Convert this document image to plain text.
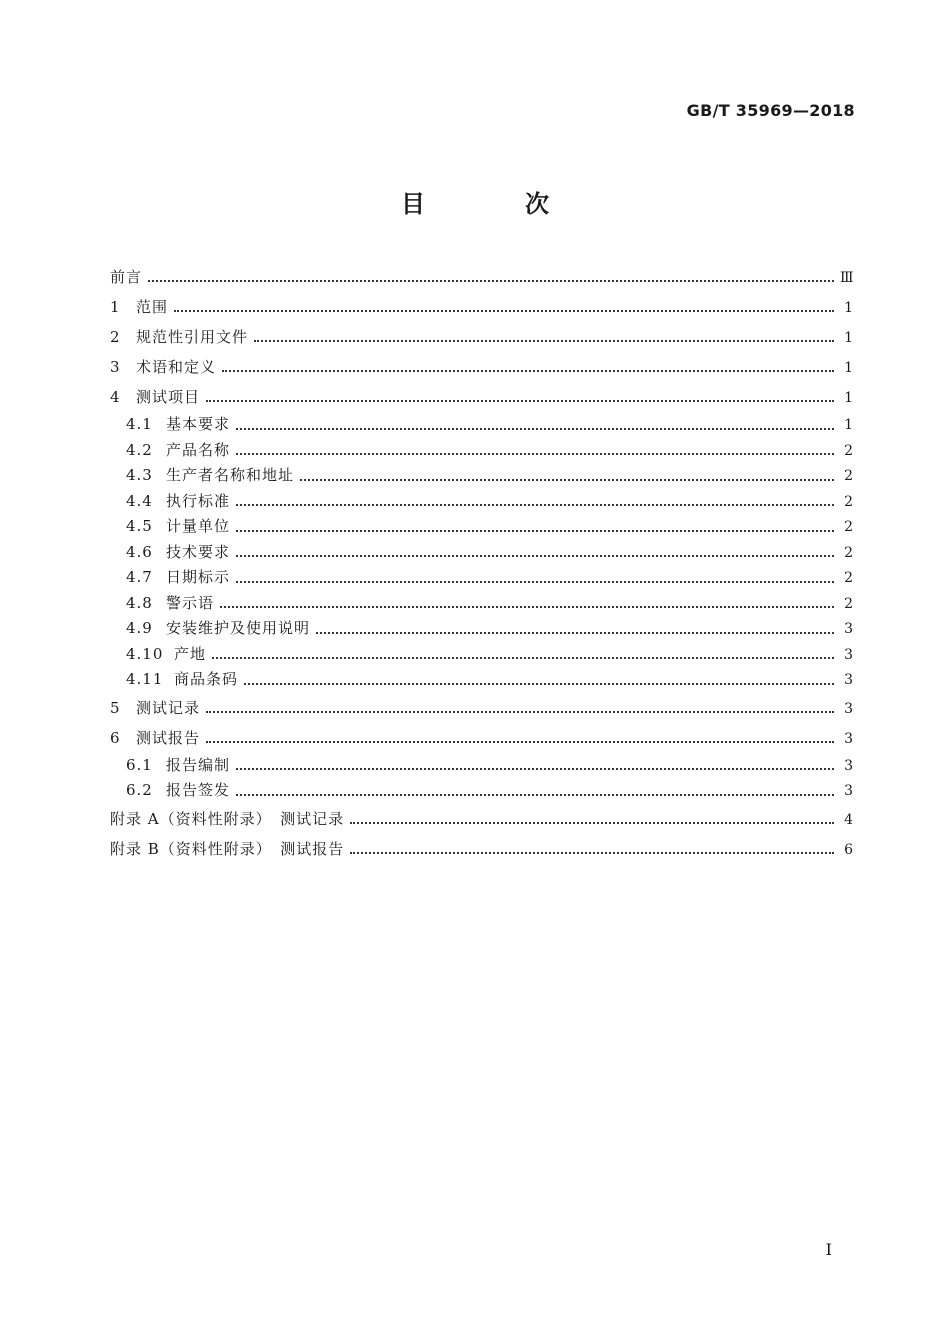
GB/T 35969—2018
目　次
前言	Ⅲ
1	范围	1
2	规范性引用文件	1
3	术语和定义	1
4	测试项目	1
4.1 基本要求	1
4.2 产品名称	2
4.3 生产者名称和地址	2
4.4 执行标准	2
4.5 计量单位	2
4.6 技术要求	2
4.7 日期标示	2
4.8 警示语	2
4.9 安装维护及使用说明	3
4.10 产地	3
4.11 商品条码	3
5	测试记录	3
6	测试报告	3
6.1 报告编制	3
6.2 报告签发	3
附录 A（资料性附录）　测试记录	4
附录 B（资料性附录）　测试报告	6
I
